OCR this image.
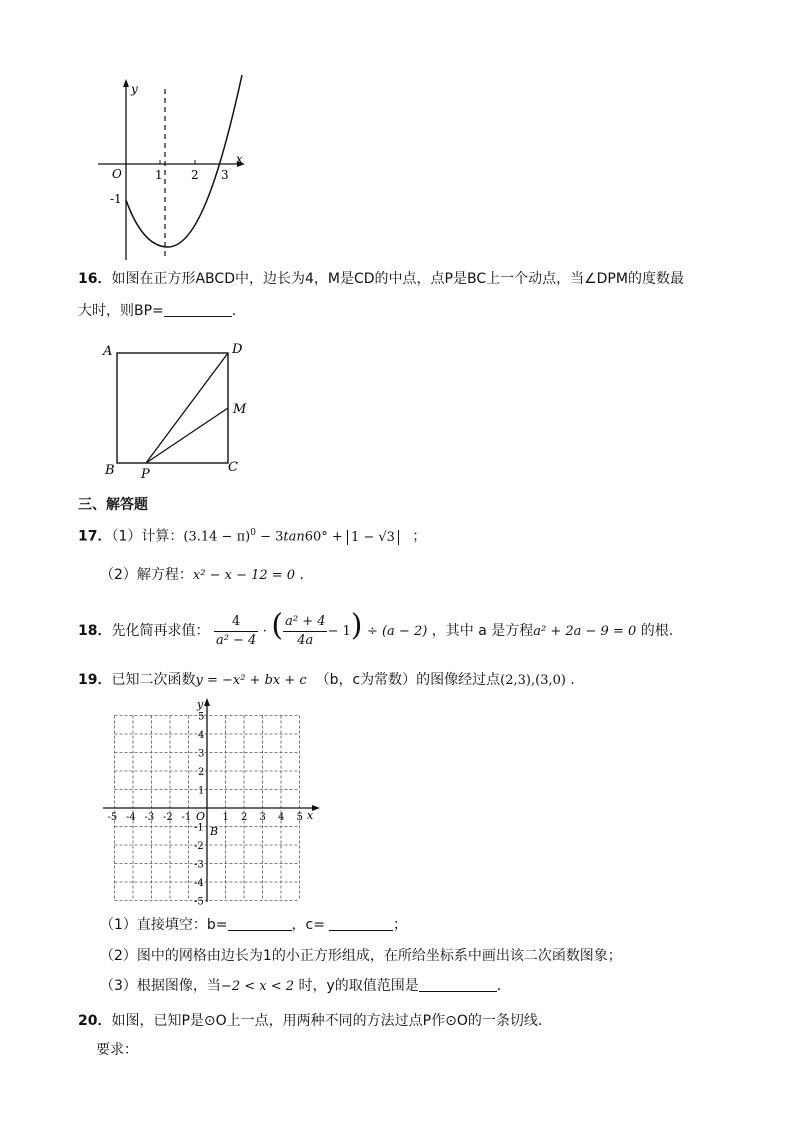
y
x
O	1 2 3
-1
16．如图在正方形ABCD中，边长为4，M是CD的中点，点P是BC上一个动点，当∠DPM的度数最
大时，则BP=	.
A	D
M
B P	C
三、解答题
17．（1）计算：$(3.14 - \pi)^0 - 3\tan 60^\circ + 1 - √3$ ；
（2）解方程：x² − x − 12 = 0 .
18．先化简再求值： $\frac{4}{\text{a² − 4}}$ · ( $\frac{\text{a² + 4}}{4a} - 1) \div (a - 2)$ ，其中 a 是方程a² + 2a − 9 = 0 的根.
19．已知二次函数y = −x² + bx + c （b，c为常数）的图像经过点(2,3),(3,0) .
-5 -4 -3 -2 -1	1 2 3 4 5
5
4
3
2
1
-1
-2
-3
-4
-5
x
y
O
B
（1）直接填空：b=	，c=	；
（2）图中的网格由边长为1的小正方形组成，在所给坐标系中画出该二次函数图象；
（3）根据图像，当−2 < x < 2 时，y的取值范围是	.
20．如图，已知P是⊙O上一点，用两种不同的方法过点P作⊙O的一条切线.
要求：
